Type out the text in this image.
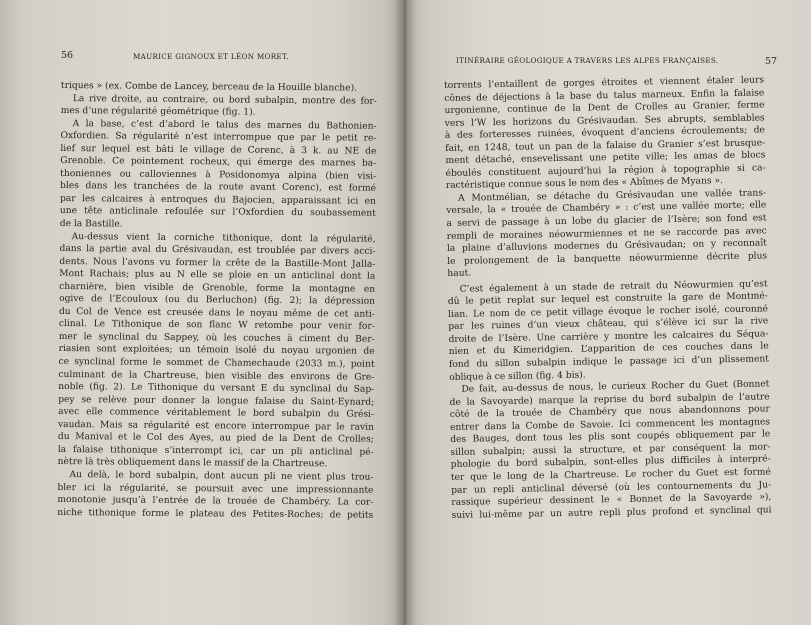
56	MAURICE GIGNOUX ET LÉON MORET.
triques » (ex. Combe de Lancey, berceau de la Houille blanche).
La rive droite, au contraire, ou bord subalpin, montre des for-
mes d’une régularité géométrique (fig. 1).
A la base, c’est d’abord le talus des marnes du Bathonien-
Oxfordien. Sa régularité n’est interrompue que par le petit re-
lief sur lequel est bâti le village de Corenc, à 3 k. au NE de
Grenoble. Ce pointement rocheux, qui émerge des marnes ba-
thoniennes ou calloviennes à Posidonomya alpina (bien visi-
bles dans les tranchées de la route avant Corenc), est formé
par les calcaires à entroques du Bajocien, apparaissant ici en
une tête anticlinale refoulée sur l’Oxfordien du soubassement
de la Bastille.
Au-dessus vient la corniche tithonique, dont la régularité,
dans la partie aval du Grésivaudan, est troublée par divers acci-
dents. Nous l’avons vu former la crête de la Bastille-Mont Jalla-
Mont Rachais; plus au N elle se ploie en un anticlinal dont la
charnière, bien visible de Grenoble, forme la montagne en
ogive de l’Ecouloux (ou du Berluchon) (fig. 2); la dépression
du Col de Vence est creusée dans le noyau même de cet anti-
clinal. Le Tithonique de son flanc W retombe pour venir for-
mer le synclinal du Sappey, où les couches à ciment du Ber-
riasien sont exploitées; un témoin isolé du noyau urgonien de
ce synclinal forme le sommet de Chamechaude (2033 m.), point
culminant de la Chartreuse, bien visible des environs de Gre-
noble (fig. 2). Le Tithonique du versant E du synclinal du Sap-
pey se relève pour donner la longue falaise du Saint-Eynard;
avec elle commence véritablement le bord subalpin du Grési-
vaudan. Mais sa régularité est encore interrompue par le ravin
du Manival et le Col des Ayes, au pied de la Dent de Crolles;
la falaise tithonique s’interrompt ici, car un pli anticlinal pé-
nètre là très obliquement dans le massif de la Chartreuse.
Au delà, le bord subalpin, dont aucun pli ne vient plus trou-
bler ici la régularité, se poursuit avec une impressionnante
monotonie jusqu’à l’entrée de la trouée de Chambéry. La cor-
niche tithonique forme le plateau des Petites-Roches; de petits
ITINÉRAIRE GÉOLOGIQUE A TRAVERS LES ALPES FRANÇAISES.	57
torrents l’entaillent de gorges étroites et viennent étaler leurs
cônes de déjections à la base du talus marneux. Enfin la falaise
urgonienne, continue de la Dent de Crolles au Granier, ferme
vers l’W les horizons du Grésivaudan. Ses abrupts, semblables
à des forteresses ruinées, évoquent d’anciens écroulements; de
fait, en 1248, tout un pan de la falaise du Granier s’est brusque-
ment détaché, ensevelissant une petite ville; les amas de blocs
éboulés constituent aujourd’hui la région à topographie si ca-
ractéristique connue sous le nom des « Abîmes de Myans ».
A Montmélian, se détache du Grésivaudan une vallée trans-
versale, la « trouée de Chambéry » : c’est une vallée morte; elle
a servi de passage à un lobe du glacier de l’Isère; son fond est
rempli de moraines néowurmiennes et ne se raccorde pas avec
la plaine d’alluvions modernes du Grésivaudan; on y reconnaît
le prolongement de la banquette néowurmienne décrite plus
haut.
C’est également à un stade de retrait du Néowurmien qu’est
dû le petit replat sur lequel est construite la gare de Montmé-
lian. Le nom de ce petit village évoque le rocher isolé, couronné
par les ruines d’un vieux château, qui s’élève ici sur la rive
droite de l’Isère. Une carrière y montre les calcaires du Séqua-
nien et du Kimeridgien. L’apparition de ces couches dans le
fond du sillon subalpin indique le passage ici d’un plissement
oblique à ce sillon (fig. 4 bis).
De fait, au-dessus de nous, le curieux Rocher du Guet (Bonnet
de la Savoyarde) marque la reprise du bord subalpin de l’autre
côté de la trouée de Chambéry que nous abandonnons pour
entrer dans la Combe de Savoie. Ici commencent les montagnes
des Bauges, dont tous les plis sont coupés obliquement par le
sillon subalpin; aussi la structure, et par conséquent la mor-
phologie du bord subalpin, sont-elles plus difficiles à interpré-
ter que le long de la Chartreuse. Le rocher du Guet est formé
par un repli anticlinal déversé (où les contournements du Ju-
rassique supérieur dessinent le « Bonnet de la Savoyarde »),
suivi lui-même par un autre repli plus profond et synclinal qui
